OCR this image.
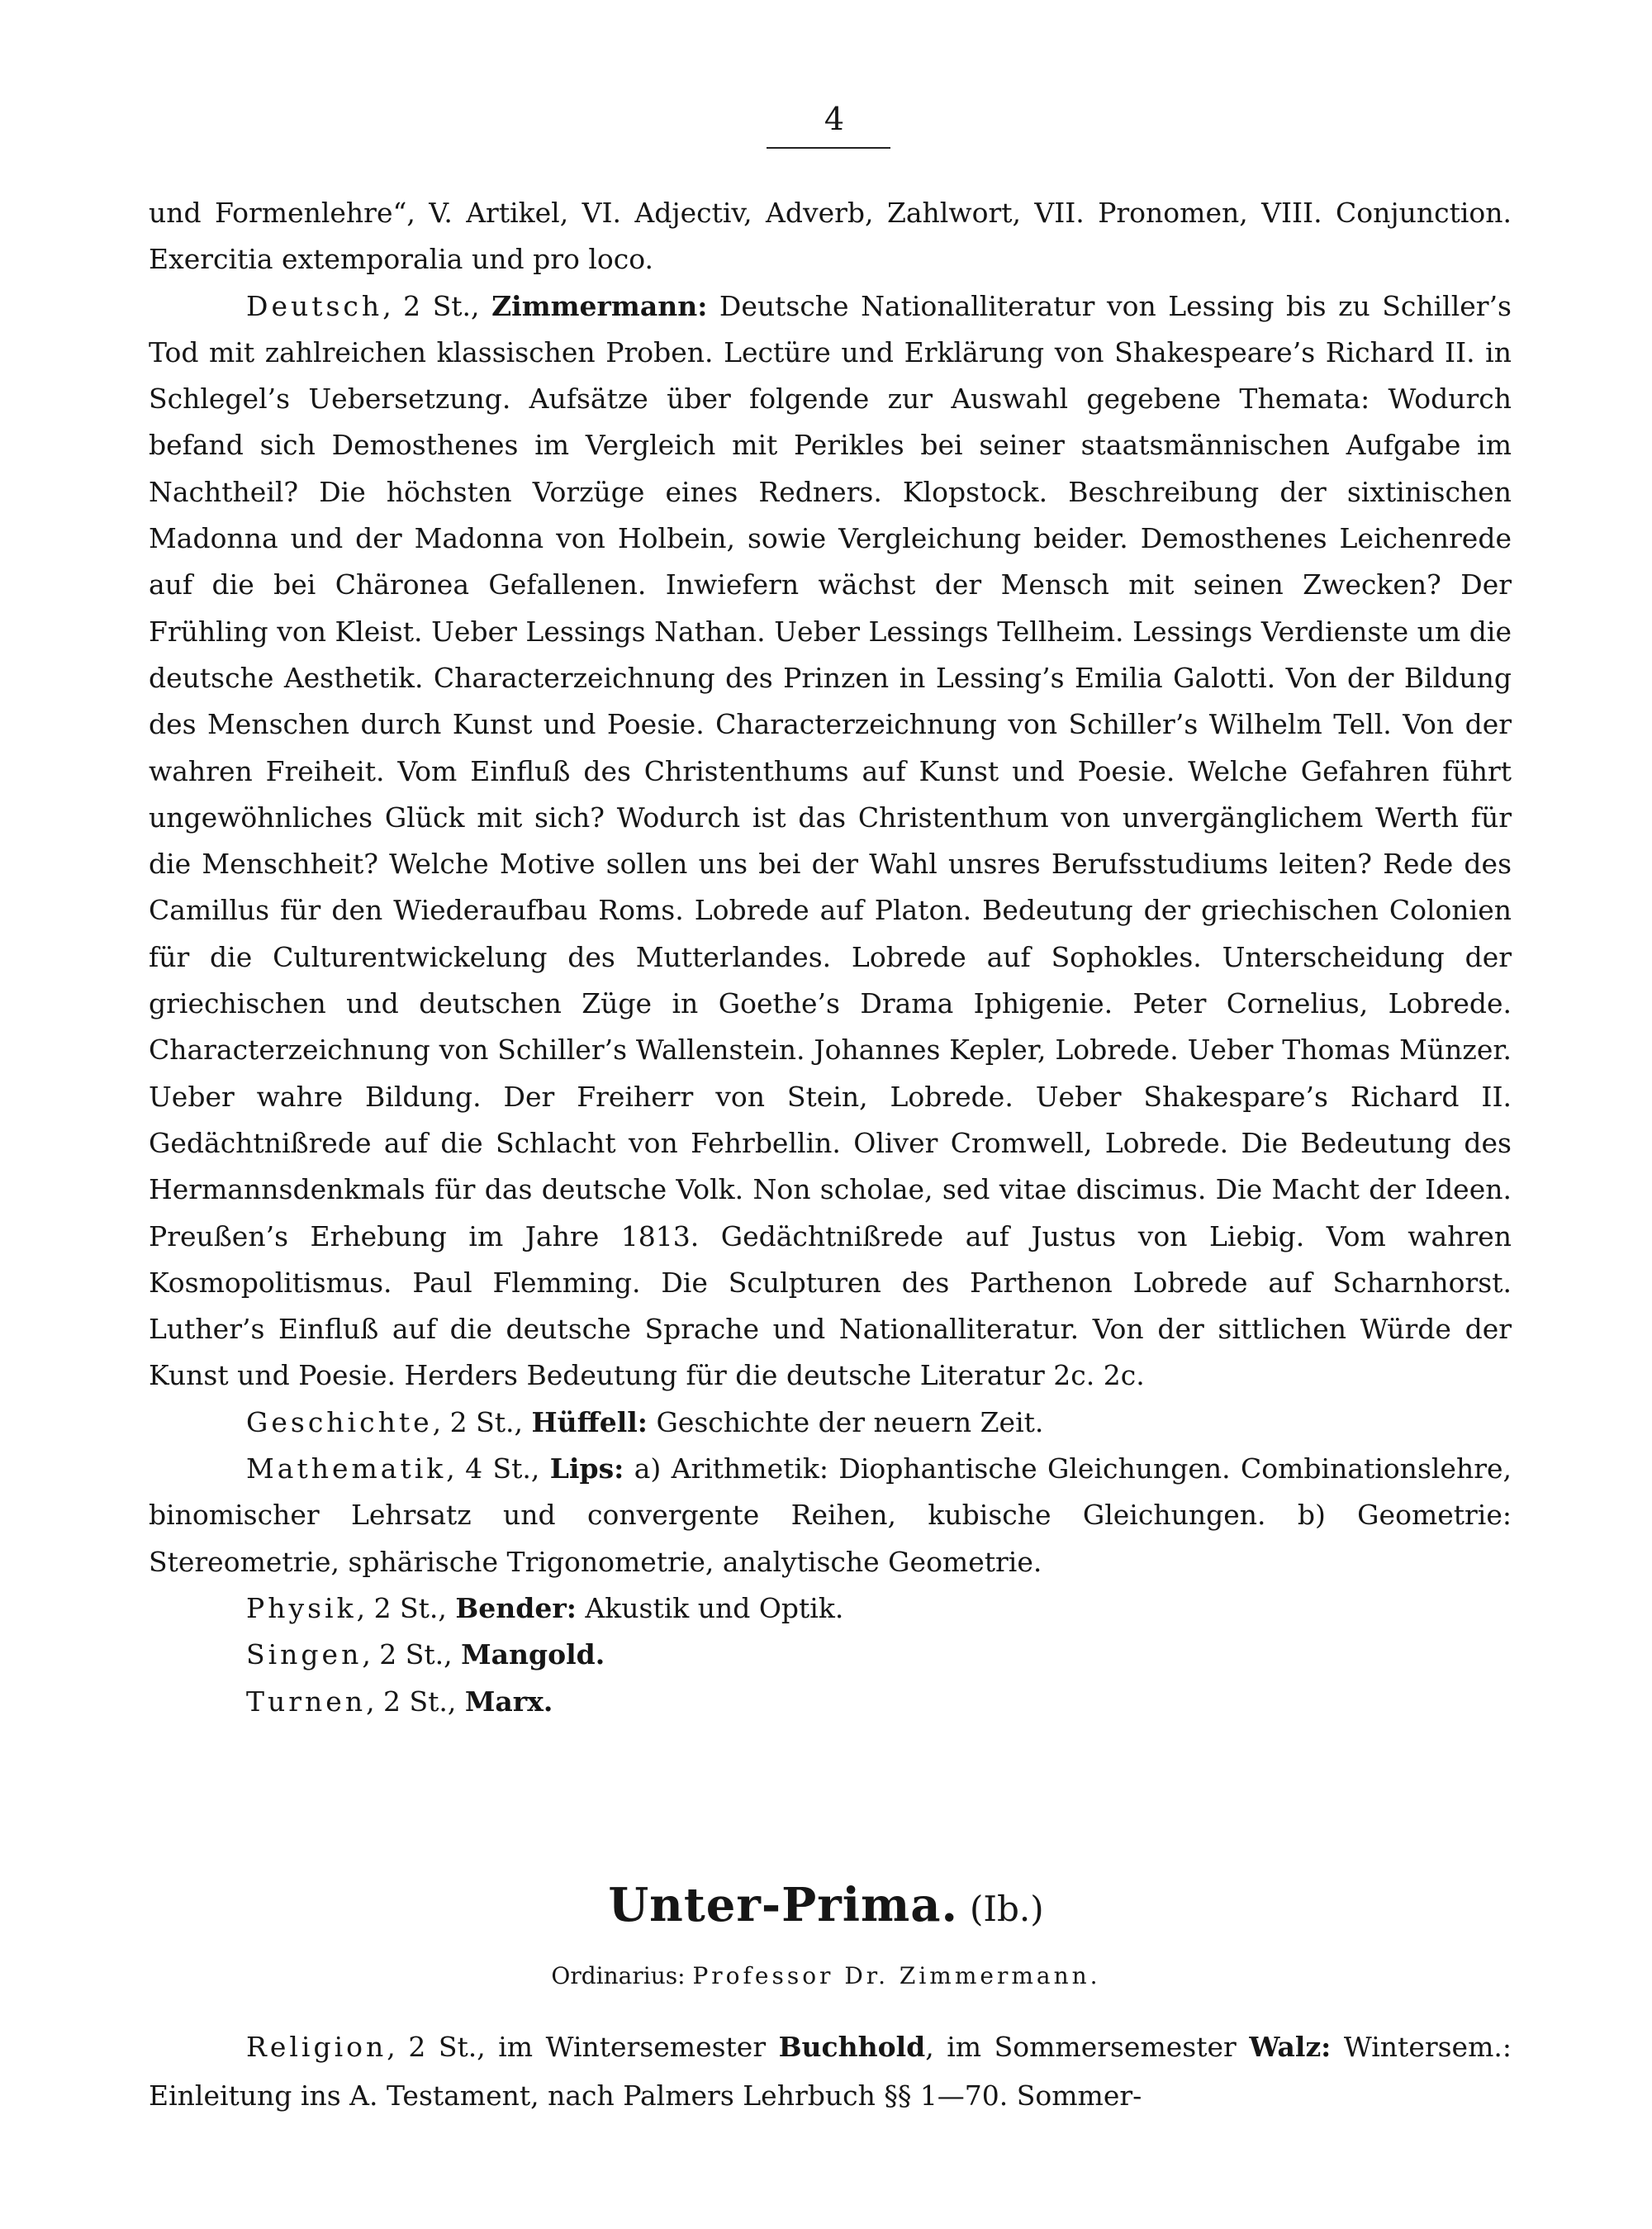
4

und Formenlehre“, V. Artikel, VI. Adjectiv, Adverb, Zahlwort, VII. Pronomen, VIII. Conjunction. Exercitia extemporalia und pro loco.

Deutsch, 2 St., Zimmermann: Deutsche Nationalliteratur von Lessing bis zu Schiller’s Tod mit zahlreichen klassischen Proben. Lectüre und Erklärung von Shakespeare’s Richard II. in Schlegel’s Uebersetzung. Aufsätze über folgende zur Auswahl gegebene Themata: Wodurch befand sich Demosthenes im Vergleich mit Perikles bei seiner staatsmännischen Aufgabe im Nachtheil? Die höchsten Vorzüge eines Redners. Klopstock. Beschreibung der sixtinischen Madonna und der Madonna von Holbein, sowie Vergleichung beider. Demosthenes Leichenrede auf die bei Chäronea Gefallenen. Inwiefern wächst der Mensch mit seinen Zwecken? Der Frühling von Kleist. Ueber Lessings Nathan. Ueber Lessings Tellheim. Lessings Verdienste um die deutsche Aesthetik. Characterzeichnung des Prinzen in Lessing’s Emilia Galotti. Von der Bildung des Menschen durch Kunst und Poesie. Characterzeichnung von Schiller’s Wilhelm Tell. Von der wahren Freiheit. Vom Einfluß des Christenthums auf Kunst und Poesie. Welche Gefahren führt ungewöhnliches Glück mit sich? Wodurch ist das Christenthum von unvergänglichem Werth für die Menschheit? Welche Motive sollen uns bei der Wahl unsres Berufsstudiums leiten? Rede des Camillus für den Wiederaufbau Roms. Lobrede auf Platon. Bedeutung der griechischen Colonien für die Culturentwickelung des Mutterlandes. Lobrede auf Sophokles. Unterscheidung der griechischen und deutschen Züge in Goethe’s Drama Iphigenie. Peter Cornelius, Lobrede. Characterzeichnung von Schiller’s Wallenstein. Johannes Kepler, Lobrede. Ueber Thomas Münzer. Ueber wahre Bildung. Der Freiherr von Stein, Lobrede. Ueber Shakespare’s Richard II. Gedächtnißrede auf die Schlacht von Fehrbellin. Oliver Cromwell, Lobrede. Die Bedeutung des Hermannsdenkmals für das deutsche Volk. Non scholae, sed vitae discimus. Die Macht der Ideen. Preußen’s Erhebung im Jahre 1813. Gedächtnißrede auf Justus von Liebig. Vom wahren Kosmopolitismus. Paul Flemming. Die Sculpturen des Parthenon Lobrede auf Scharnhorst. Luther’s Einfluß auf die deutsche Sprache und Nationalliteratur. Von der sittlichen Würde der Kunst und Poesie. Herders Bedeutung für die deutsche Literatur 2c. 2c.

Geschichte, 2 St., Hüffell: Geschichte der neuern Zeit.

Mathematik, 4 St., Lips: a) Arithmetik: Diophantische Gleichungen. Combinationslehre, binomischer Lehrsatz und convergente Reihen, kubische Gleichungen. b) Geometrie: Stereometrie, sphärische Trigonometrie, analytische Geometrie.

Physik, 2 St., Bender: Akustik und Optik.

Singen, 2 St., Mangold.

Turnen, 2 St., Marx.

Unter-Prima. (Ib.)
Ordinarius: Professor Dr. Zimmermann.

Religion, 2 St., im Wintersemester Buchhold, im Sommersemester Walz: Wintersem.: Einleitung ins A. Testament, nach Palmers Lehrbuch §§ 1—70. Sommer-
